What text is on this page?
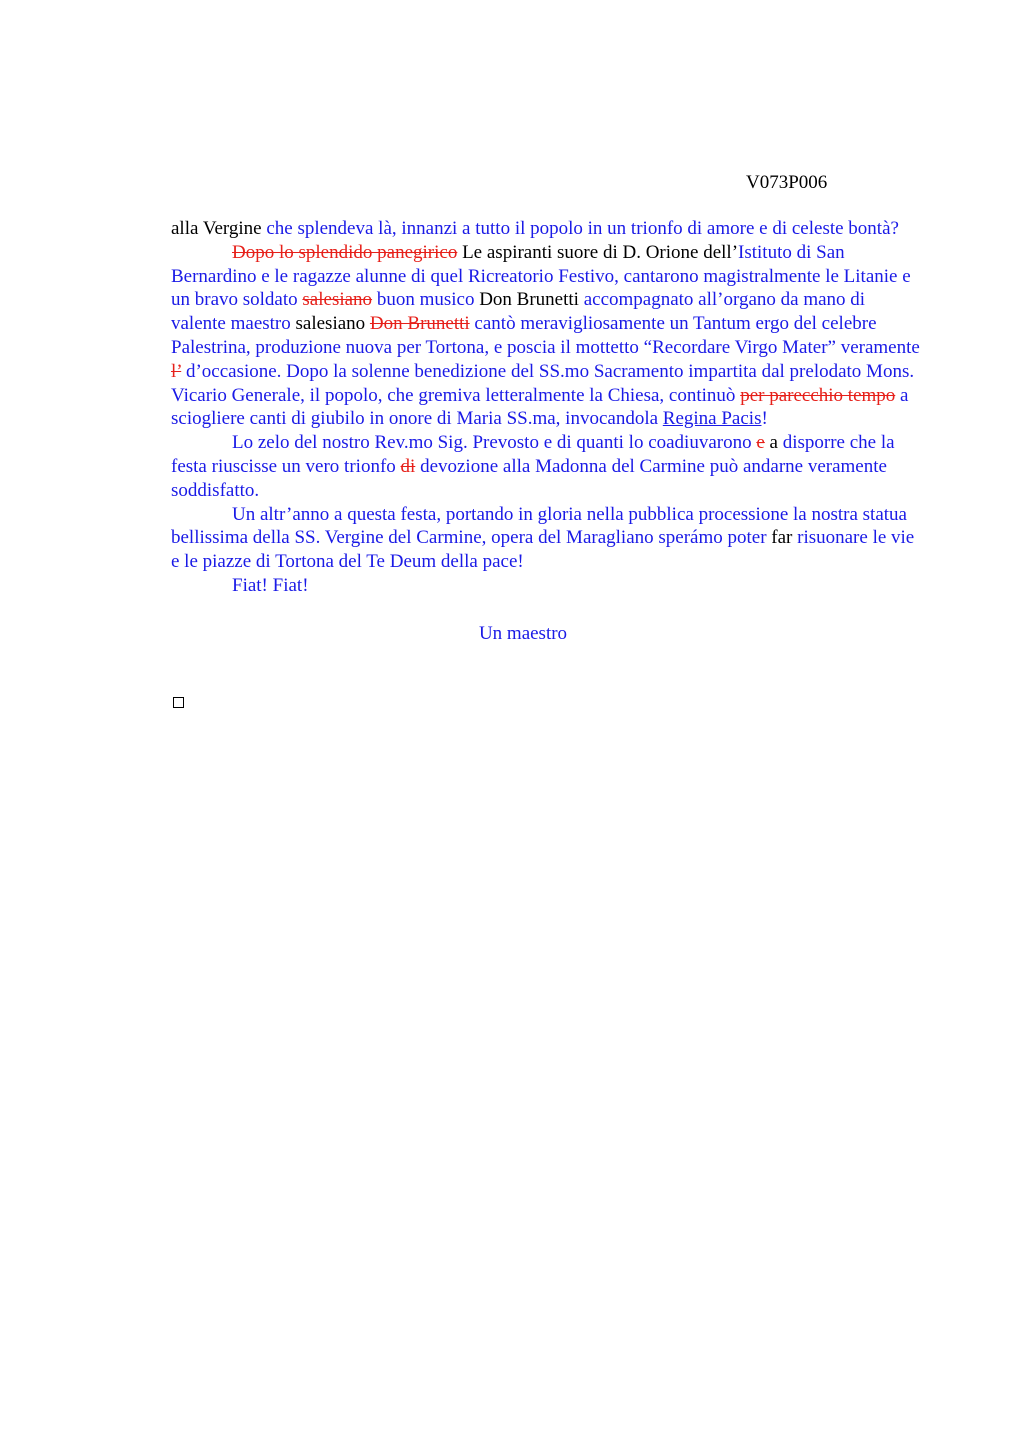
V073P006

alla Vergine che splendeva là, innanzi a tutto il popolo in un trionfo di amore e di celeste bontà?

Dopo lo splendido panegirico Le aspiranti suore di D. Orione dell’Istituto di San Bernardino e le ragazze alunne di quel Ricreatorio Festivo, cantarono magistralmente le Litanie e un bravo soldato salesiano buon musico Don Brunetti accompagnato all’organo da mano di valente maestro salesiano Don Brunetti cantò meravigliosamente un Tantum ergo del celebre Palestrina, produzione nuova per Tortona, e poscia il mottetto “Recordare Virgo Mater” veramente l’ d’occasione. Dopo la solenne benedizione del SS.mo Sacramento impartita dal prelodato Mons. Vicario Generale, il popolo, che gremiva letteralmente la Chiesa, continuò per parecchio tempo a sciogliere canti di giubilo in onore di Maria SS.ma, invocandola Regina Pacis!

Lo zelo del nostro Rev.mo Sig. Prevosto e di quanti lo coadiuvarono e a disporre che la festa riuscisse un vero trionfo di devozione alla Madonna del Carmine può andarne veramente soddisfatto.

Un altr’anno a questa festa, portando in gloria nella pubblica processione la nostra statua bellissima della SS. Vergine del Carmine, opera del Maragliano sperámo poter far risuonare le vie e le piazze di Tortona del Te Deum della pace!

Fiat! Fiat!

Un maestro
